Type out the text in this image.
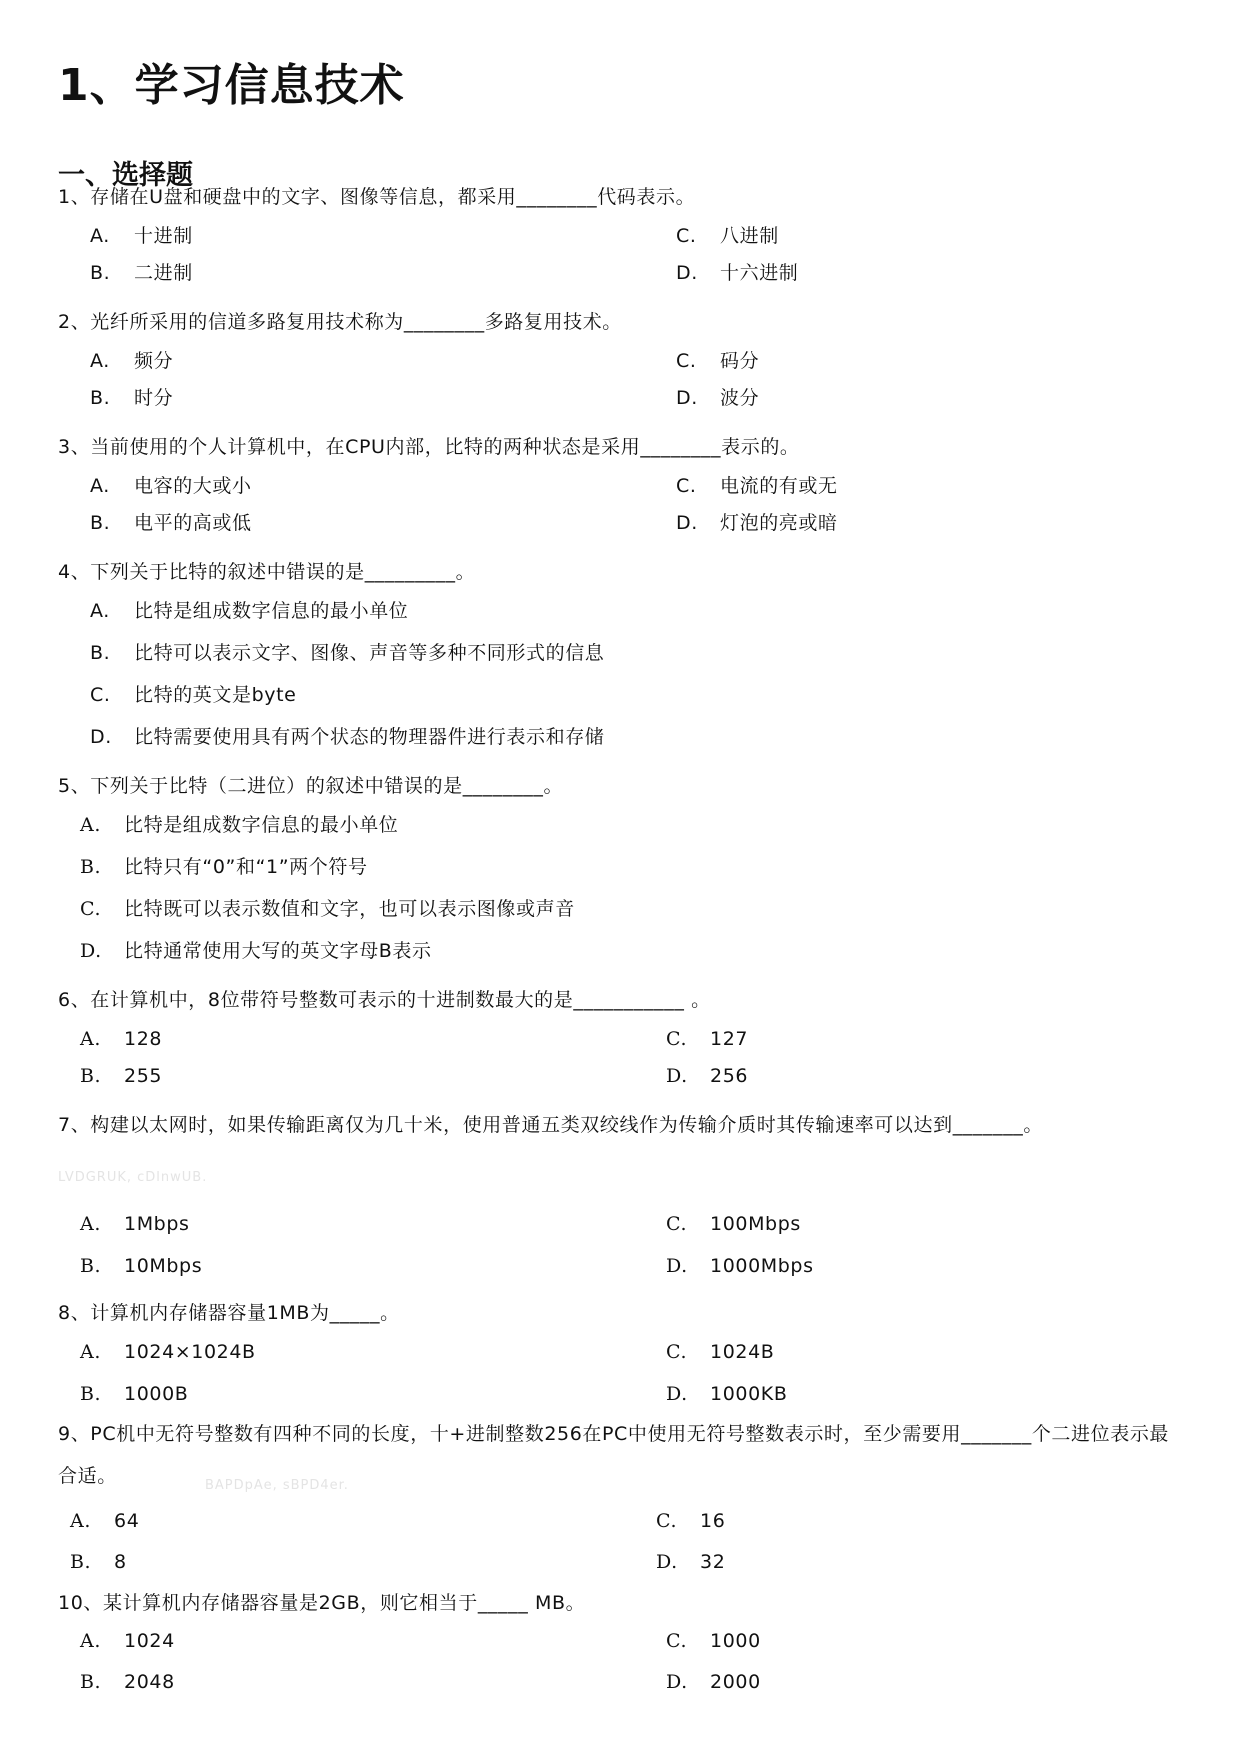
1、学习信息技术
一、选择题
1、存储在U盘和硬盘中的文字、图像等信息，都采用________代码表示。
A. 十进制	C. 八进制
B. 二进制	D. 十六进制
2、光纤所采用的信道多路复用技术称为________多路复用技术。
A. 频分	C. 码分
B. 时分	D. 波分
3、当前使用的个人计算机中，在CPU内部，比特的两种状态是采用________表示的。
A. 电容的大或小	C. 电流的有或无
B. 电平的高或低	D. 灯泡的亮或暗
4、下列关于比特的叙述中错误的是_________。
A. 比特是组成数字信息的最小单位
B. 比特可以表示文字、图像、声音等多种不同形式的信息
C. 比特的英文是byte
D. 比特需要使用具有两个状态的物理器件进行表示和存储
5、下列关于比特（二进位）的叙述中错误的是________。
A. 比特是组成数字信息的最小单位
B. 比特只有“0”和“1”两个符号
C. 比特既可以表示数值和文字，也可以表示图像或声音
D. 比特通常使用大写的英文字母B表示
6、在计算机中，8位带符号整数可表示的十进制数最大的是___________ 。
A. 128	C. 127
B. 255	D. 256
7、构建以太网时，如果传输距离仅为几十米，使用普通五类双绞线作为传输介质时其传输速率可以达到_______。
LVDGRUK, cDlnwUB.
A. 1Mbps	C. 100Mbps
B. 10Mbps	D. 1000Mbps
8、计算机内存储器容量1MB为_____。
A. 1024×1024B	C. 1024B
B. 1000B	D. 1000KB
9、PC机中无符号整数有四种不同的长度，十+进制整数256在PC中使用无符号整数表示时，至少需要用_______个二进位表示最合适。	BAPDpAe, sBPD4er.
A. 64	C. 16
B. 8	D. 32
10、某计算机内存储器容量是2GB，则它相当于_____ MB。
A. 1024	C. 1000
B. 2048	D. 2000
